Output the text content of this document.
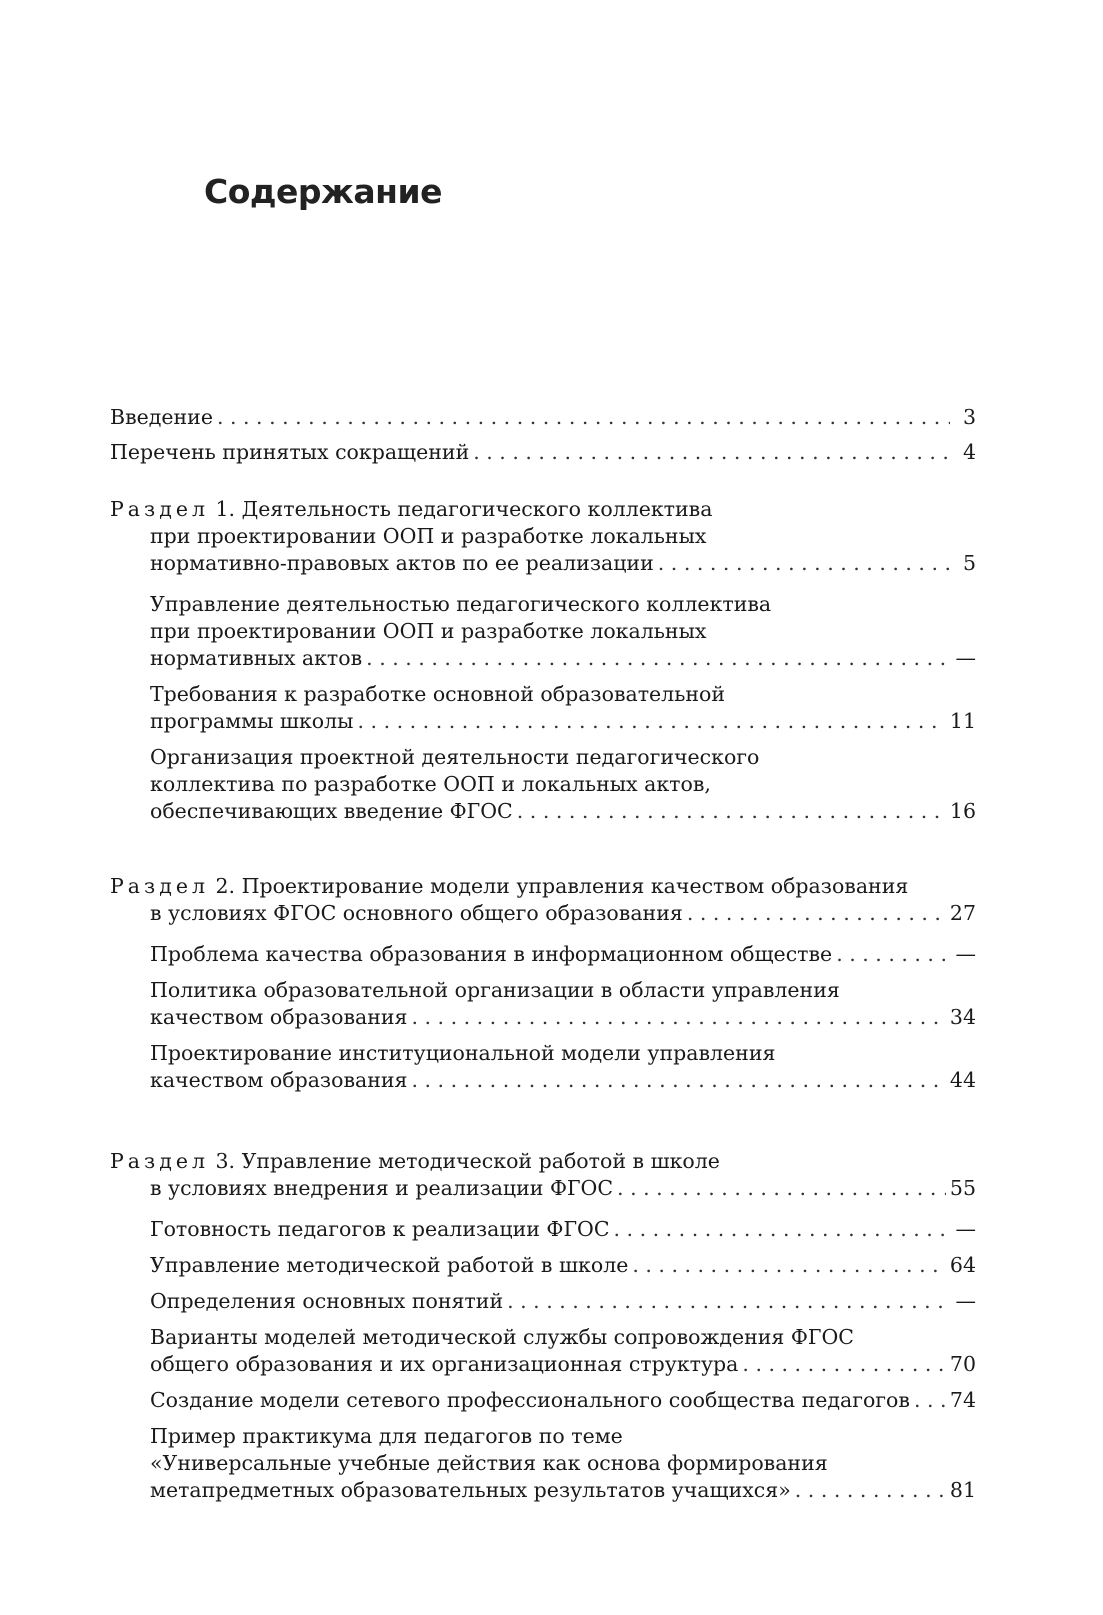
Содержание
Введение . . .	3
Перечень принятых сокращений . . .	4
Раздел 1. Деятельность педагогического коллектива
при проектировании ООП и разработке локальных
нормативно-правовых актов по ее реализации . . .	5
Управление деятельностью педагогического коллектива
при проектировании ООП и разработке локальных
нормативных актов . . .	—
Требования к разработке основной образовательной
программы школы . . .	11
Организация проектной деятельности педагогического
коллектива по разработке ООП и локальных актов,
обеспечивающих введение ФГОС . . .	16
Раздел 2. Проектирование модели управления качеством образования
в условиях ФГОС основного общего образования . . .	27
Проблема качества образования в информационном обществе . . .	—
Политика образовательной организации в области управления
качеством образования . . .	34
Проектирование институциональной модели управления
качеством образования . . .	44
Раздел 3. Управление методической работой в школе
в условиях внедрения и реализации ФГОС . . .	55
Готовность педагогов к реализации ФГОС . . .	—
Управление методической работой в школе . . .	64
Определения основных понятий . . .	—
Варианты моделей методической службы сопровождения ФГОС
общего образования и их организационная структура . . .	70
Создание модели сетевого профессионального сообщества педагогов . . . 74
Пример практикума для педагогов по теме
«Универсальные учебные действия как основа формирования
метапредметных образовательных результатов учащихся» . . .	81
